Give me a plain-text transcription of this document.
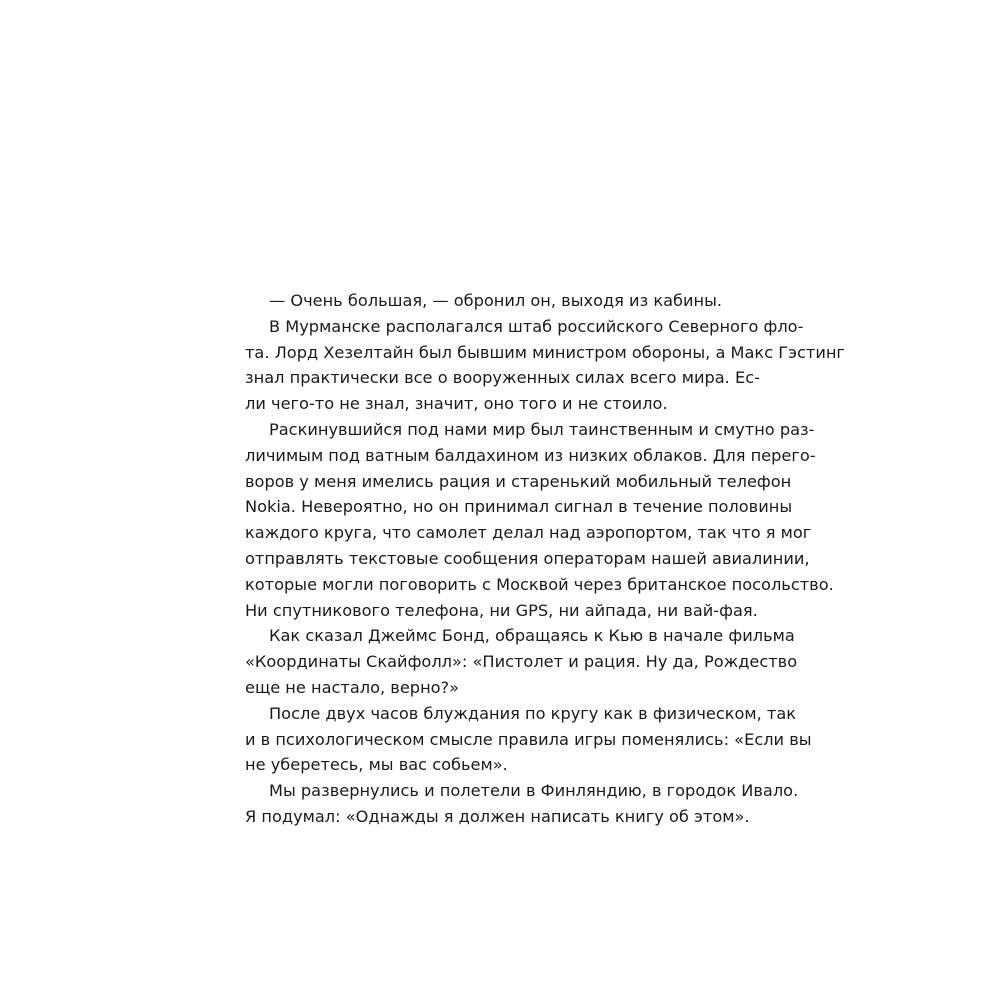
— Очень большая, — обронил он, выходя из кабины.
В Мурманске располагался штаб российского Северного фло-
та. Лорд Хезелтайн был бывшим министром обороны, а Макс Гэстинг
знал практически все о вооруженных силах всего мира. Ес-
ли чего-то не знал, значит, оно того и не стоило.
Раскинувшийся под нами мир был таинственным и смутно раз-
личимым под ватным балдахином из низких облаков. Для перего-
воров у меня имелись рация и старенький мобильный телефон
Nokia. Невероятно, но он принимал сигнал в течение половины
каждого круга, что самолет делал над аэропортом, так что я мог
отправлять текстовые сообщения операторам нашей авиалинии,
которые могли поговорить с Москвой через британское посольство.
Ни спутникового телефона, ни GPS, ни айпада, ни вай-фая.
Как сказал Джеймс Бонд, обращаясь к Кью в начале фильма
«Координаты Скайфолл»: «Пистолет и рация. Ну да, Рождество
еще не настало, верно?»
После двух часов блуждания по кругу как в физическом, так
и в психологическом смысле правила игры поменялись: «Если вы
не уберетесь, мы вас собьем».
Мы развернулись и полетели в Финляндию, в городок Ивало.
Я подумал: «Однажды я должен написать книгу об этом».
